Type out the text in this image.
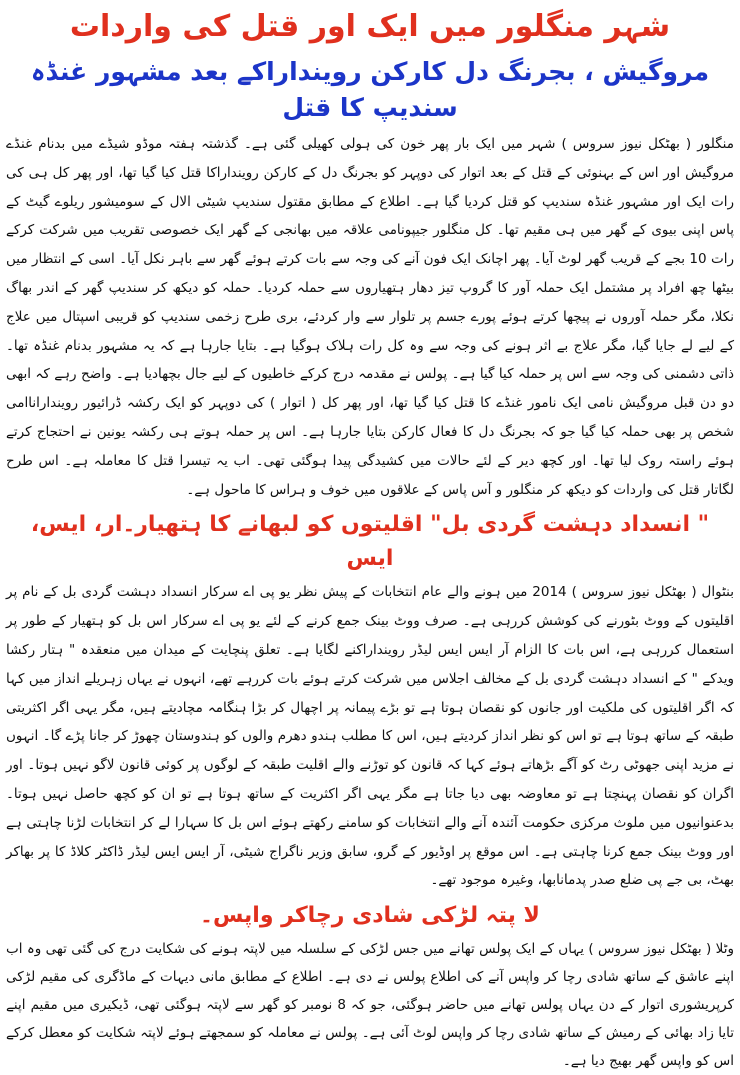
شہر منگلور میں ایک اور قتل کی واردات
مروگیش ، بجرنگ دل کارکن روینداراکے بعد مشہور غنڈہ سندیپ کا قتل

منگلور ( بھٹکل نیوز سروس ) شہر میں ایک بار پھر خون کی ہولی کھیلی گئی ہے۔ گذشتہ ہفتہ موڈو شیڈے میں بدنام غنڈے مروگیش اور اس کے بہنوئی کے قتل کے بعد اتوار کی دوپہر کو بجرنگ دل کے کارکن روینداراکا قتل کیا گیا تھا، اور پھر کل ہی کی رات ایک اور مشہور غنڈہ سندیپ کو قتل کردیا گیا ہے۔ اطلاع کے مطابق مقتول سندیپ شیٹی الال کے سومیشور ریلوے گیٹ کے پاس اپنی بیوی کے گھر میں ہی مقیم تھا۔ کل منگلور جیپونامی علاقہ میں بھانجی کے گھر ایک خصوصی تقریب میں شرکت کرکے رات 10 بجے کے قریب گھر لوٹ آیا۔ پھر اچانک ایک فون آنے کی وجہ سے بات کرتے ہوئے گھر سے باہر نکل آیا۔ اسی کے انتظار میں بیٹھا چھ افراد پر مشتمل ایک حملہ آور کا گروپ تیز دھار ہتھیاروں سے حملہ کردیا۔ حملہ کو دیکھ کر سندیپ گھر کے اندر بھاگ نکلا، مگر حملہ آوروں نے پیچھا کرتے ہوئے پورے جسم پر تلوار سے وار کردئے، بری طرح زخمی سندیپ کو قریبی اسپتال میں علاج کے لیے لے جایا گیا، مگر علاج بے اثر ہونے کی وجہ سے وہ کل رات ہلاک ہوگیا ہے۔ بتایا جارہا ہے کہ یہ مشہور بدنام غنڈہ تھا۔ ذاتی دشمنی کی وجہ سے اس پر حملہ کیا گیا ہے۔ پولس نے مقدمہ درج کرکے خاطیوں کے لیے جال بچھادیا ہے۔ واضح رہے کہ ابھی دو دن قبل مروگیش نامی ایک نامور غنڈے کا قتل کیا گیا تھا، اور پھر کل ( اتوار ) کی دوپہر کو ایک رکشہ ڈرائیور روینداراناامی شخص پر بھی حملہ کیا گیا جو کہ بجرنگ دل کا فعال کارکن بتایا جارہا ہے۔ اس پر حملہ ہوتے ہی رکشہ یونین نے احتجاج کرتے ہوئے راستہ روک لیا تھا۔ اور کچھ دیر کے لئے حالات میں کشیدگی پیدا ہوگئی تھی۔ اب یہ تیسرا قتل کا معاملہ ہے۔ اس طرح لگاتار قتل کی واردات کو دیکھ کر منگلور و آس پاس کے علاقوں میں خوف و ہراس کا ماحول ہے۔

" انسداد دہشت گردی بل" اقلیتوں کو لبھانے کا ہتھیار۔ار، ایس، ایس

بنٹوال ( بھٹکل نیوز سروس ) 2014 میں ہونے والے عام انتخابات کے پیش نظر یو پی اے سرکار انسداد دہشت گردی بل کے نام پر اقلیتوں کے ووٹ بٹورنے کی کوشش کررہی ہے۔ صرف ووٹ بینک جمع کرنے کے لئے یو پی اے سرکار اس بل کو ہتھیار کے طور پر استعمال کررہی ہے، اس بات کا الزام آر ایس ایس لیڈر روینداراکنے لگایا ہے۔ تعلق پنچایت کے میدان میں منعقدہ " ہتار رکشا ویدکے " کے انسداد دہشت گردی بل کے مخالف اجلاس میں شرکت کرتے ہوئے بات کررہے تھے، انہوں نے یہاں زہریلے انداز میں کہا کہ اگر اقلیتوں کی ملکیت اور جانوں کو نقصان ہوتا ہے تو بڑے پیمانہ پر اچھال کر بڑا ہنگامہ مچادیتے ہیں، مگر یہی اگر اکثریتی طبقہ کے ساتھ ہوتا ہے تو اس کو نظر انداز کردیتے ہیں، اس کا مطلب ہندو دھرم والوں کو ہندوستان چھوڑ کر جانا پڑے گا۔ انہوں نے مزید اپنی جھوٹی رٹ کو آگے بڑھاتے ہوئے کہا کہ قانون کو توڑنے والے اقلیت طبقہ کے لوگوں پر کوئی قانون لاگو نہیں ہوتا۔ اور اگران کو نقصان پہنچتا ہے تو معاوضہ بھی دیا جاتا ہے مگر یہی اگر اکثریت کے ساتھ ہوتا ہے تو ان کو کچھ حاصل نہیں ہوتا۔ بدعنوانیوں میں ملوث مرکزی حکومت آئندہ آنے والے انتخابات کو سامنے رکھتے ہوئے اس بل کا سہارا لے کر انتخابات لڑنا چاہتی ہے اور ووٹ بینک جمع کرنا چاہتی ہے۔ اس موقع پر اوڈیور کے گرو، سابق وزیر ناگراج شیٹی، آر ایس ایس لیڈر ڈاکٹر کلاڈ کا پر بھاکر بھٹ، بی جے پی ضلع صدر پدمانابھا، وغیرہ موجود تھے۔

لا پتہ لڑکی شادی رچاکر واپس۔

وٹلا ( بھٹکل نیوز سروس ) یہاں کے ایک پولس تھانے میں جس لڑکی کے سلسلہ میں لاپتہ ہونے کی شکایت درج کی گئی تھی وہ اب اپنے عاشق کے ساتھ شادی رچا کر واپس آنے کی اطلاع پولس نے دی ہے۔ اطلاع کے مطابق مانی دیہات کے ماڈگری کی مقیم لڑکی کرپریشوری اتوار کے دن یہاں پولس تھانے میں حاضر ہوگئی، جو کہ 8 نومبر کو گھر سے لاپتہ ہوگئی تھی، ڈیکیری میں مقیم اپنے تایا زاد بھائی کے رمیش کے ساتھ شادی رچا کر واپس لوٹ آئی ہے۔ پولس نے معاملہ کو سمجھتے ہوئے لاپتہ شکایت کو معطل کرکے اس کو واپس گھر بھیج دیا ہے۔
